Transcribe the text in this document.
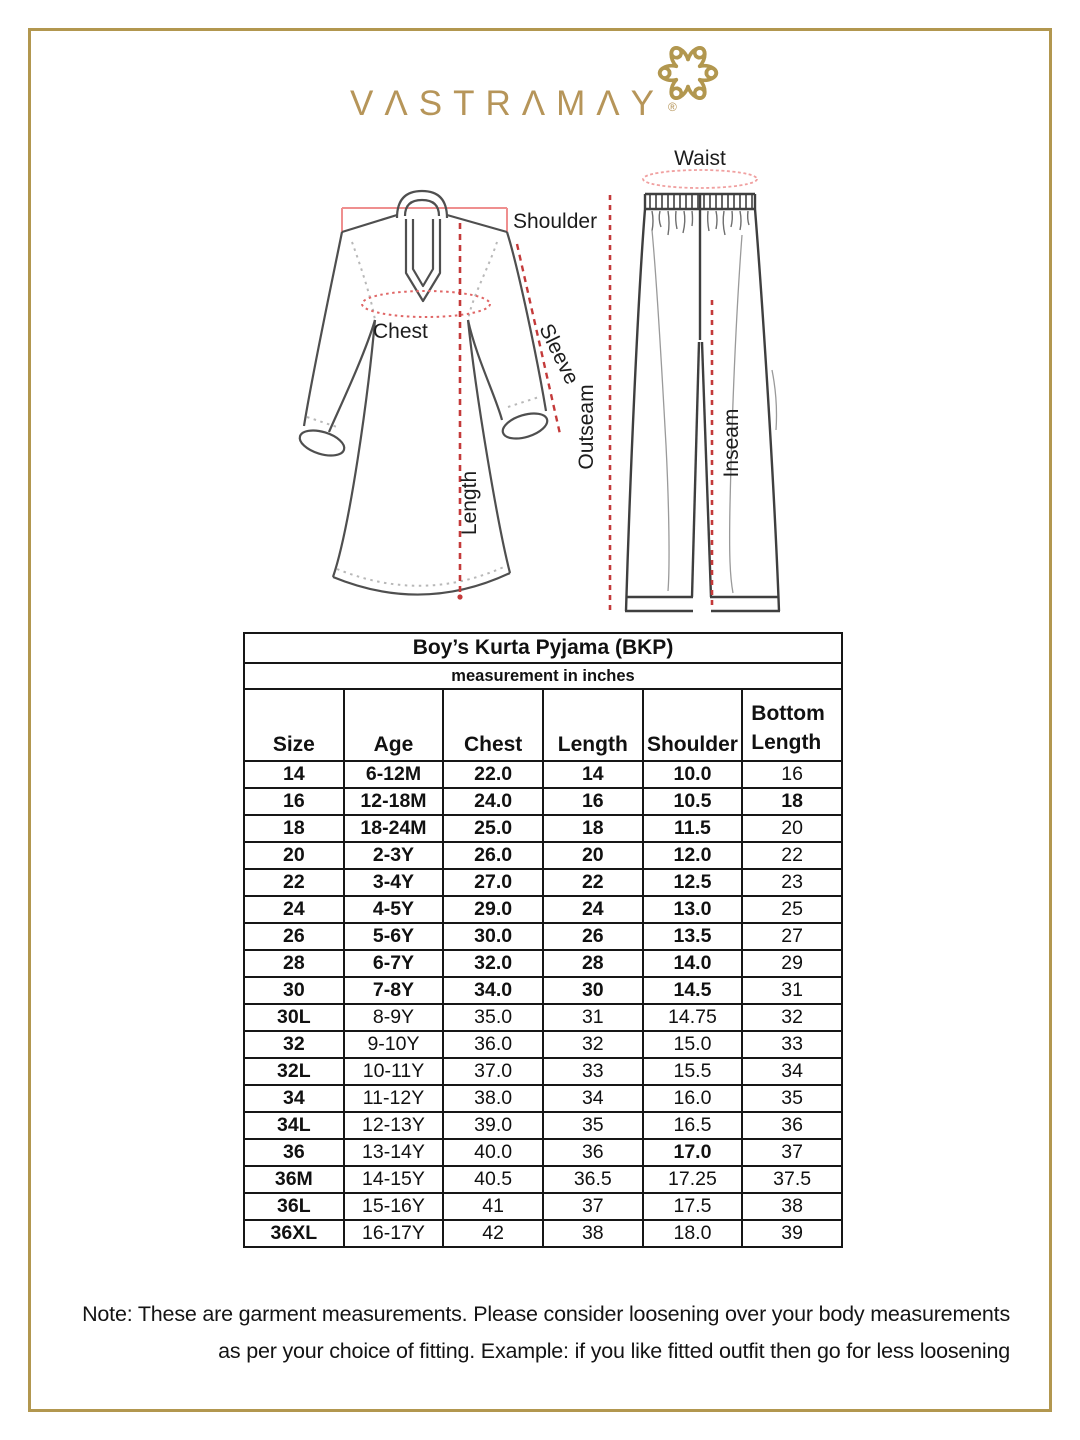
VΛSTRΛMΛY ®
Shoulder
Chest	Sleeve
Length
Waist
Outseam	Inseam
Boy’s Kurta Pyjama (BKP)					
measurement in inches					
Size	Age	Chest	Length	Shoulder	Bottom Length
14	6-12M	22.0	14	10.0	16
16	12-18M	24.0	16	10.5	18
18	18-24M	25.0	18	11.5	20
20	2-3Y	26.0	20	12.0	22
22	3-4Y	27.0	22	12.5	23
24	4-5Y	29.0	24	13.0	25
26	5-6Y	30.0	26	13.5	27
28	6-7Y	32.0	28	14.0	29
30	7-8Y	34.0	30	14.5	31
30L	8-9Y	35.0	31	14.75	32
32	9-10Y	36.0	32	15.0	33
32L	10-11Y	37.0	33	15.5	34
34	11-12Y	38.0	34	16.0	35
34L	12-13Y	39.0	35	16.5	36
36	13-14Y	40.0	36	17.0	37
36M	14-15Y	40.5	36.5	17.25	37.5
36L	15-16Y	41	37	17.5	38
36XL	16-17Y	42	38	18.0	39
Note: These are garment measurements. Please consider loosening over your body measurements
as per your choice of fitting. Example: if you like fitted outfit then go for less loosening
